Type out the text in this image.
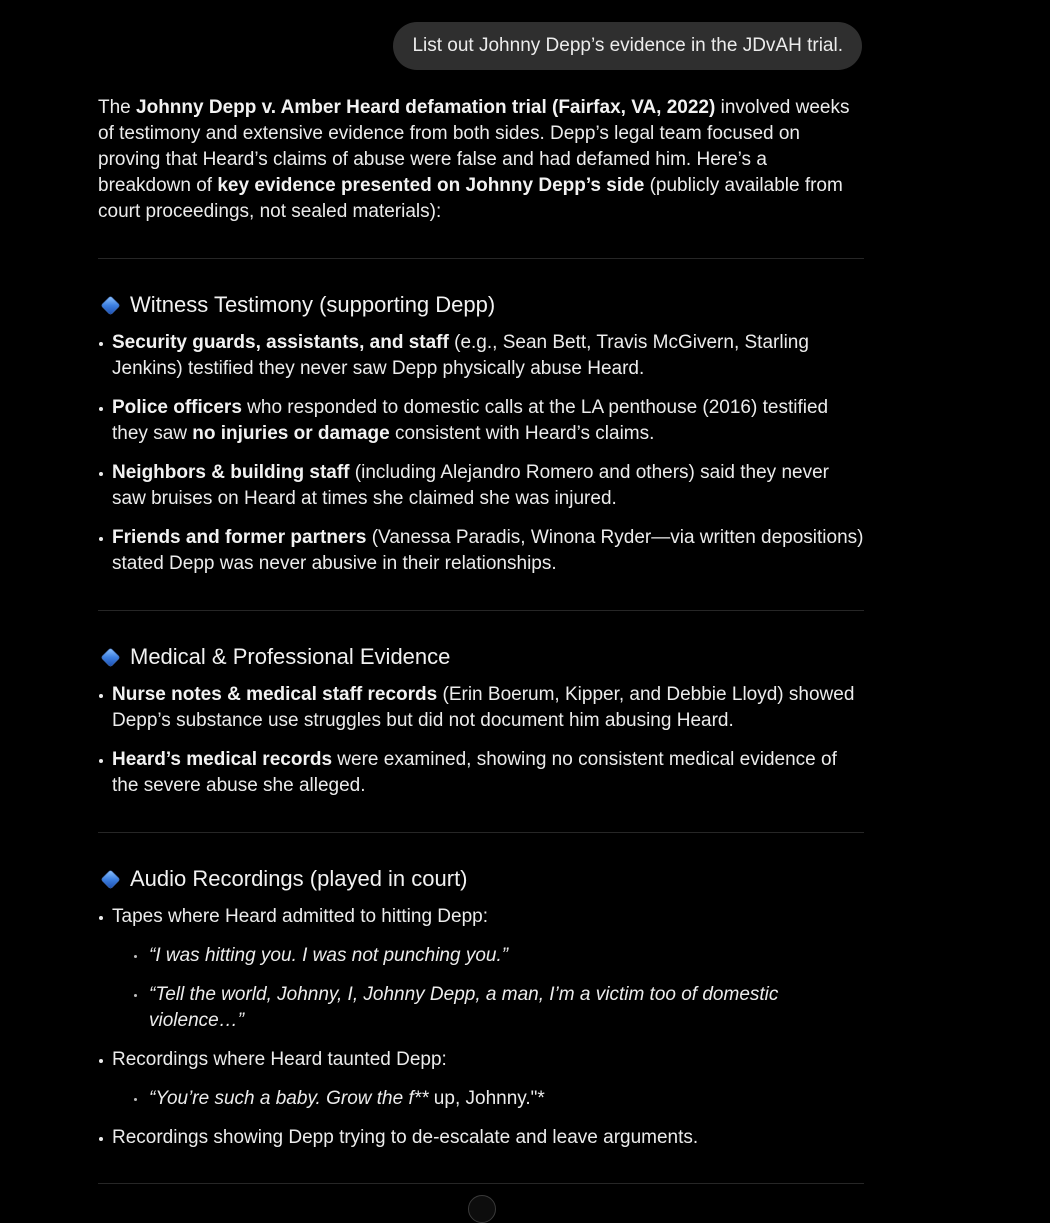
List out Johnny Depp’s evidence in the JDvAH trial.

The Johnny Depp v. Amber Heard defamation trial (Fairfax, VA, 2022) involved weeks of testimony and extensive evidence from both sides. Depp’s legal team focused on proving that Heard’s claims of abuse were false and had defamed him. Here’s a breakdown of key evidence presented on Johnny Depp’s side (publicly available from court proceedings, not sealed materials):

Witness Testimony (supporting Depp)
Security guards, assistants, and staff (e.g., Sean Bett, Travis McGivern, Starling Jenkins) testified they never saw Depp physically abuse Heard.
Police officers who responded to domestic calls at the LA penthouse (2016) testified they saw no injuries or damage consistent with Heard’s claims.
Neighbors & building staff (including Alejandro Romero and others) said they never saw bruises on Heard at times she claimed she was injured.
Friends and former partners (Vanessa Paradis, Winona Ryder—via written depositions) stated Depp was never abusive in their relationships.
Medical & Professional Evidence
Nurse notes & medical staff records (Erin Boerum, Kipper, and Debbie Lloyd) showed Depp’s substance use struggles but did not document him abusing Heard.
Heard’s medical records were examined, showing no consistent medical evidence of the severe abuse she alleged.
Audio Recordings (played in court)
Tapes where Heard admitted to hitting Depp:
“I was hitting you. I was not punching you.”
“Tell the world, Johnny, I, Johnny Depp, a man, I’m a victim too of domestic violence…”
Recordings where Heard taunted Depp:
“You’re such a baby. Grow the f** up, Johnny."*
Recordings showing Depp trying to de-escalate and leave arguments.
